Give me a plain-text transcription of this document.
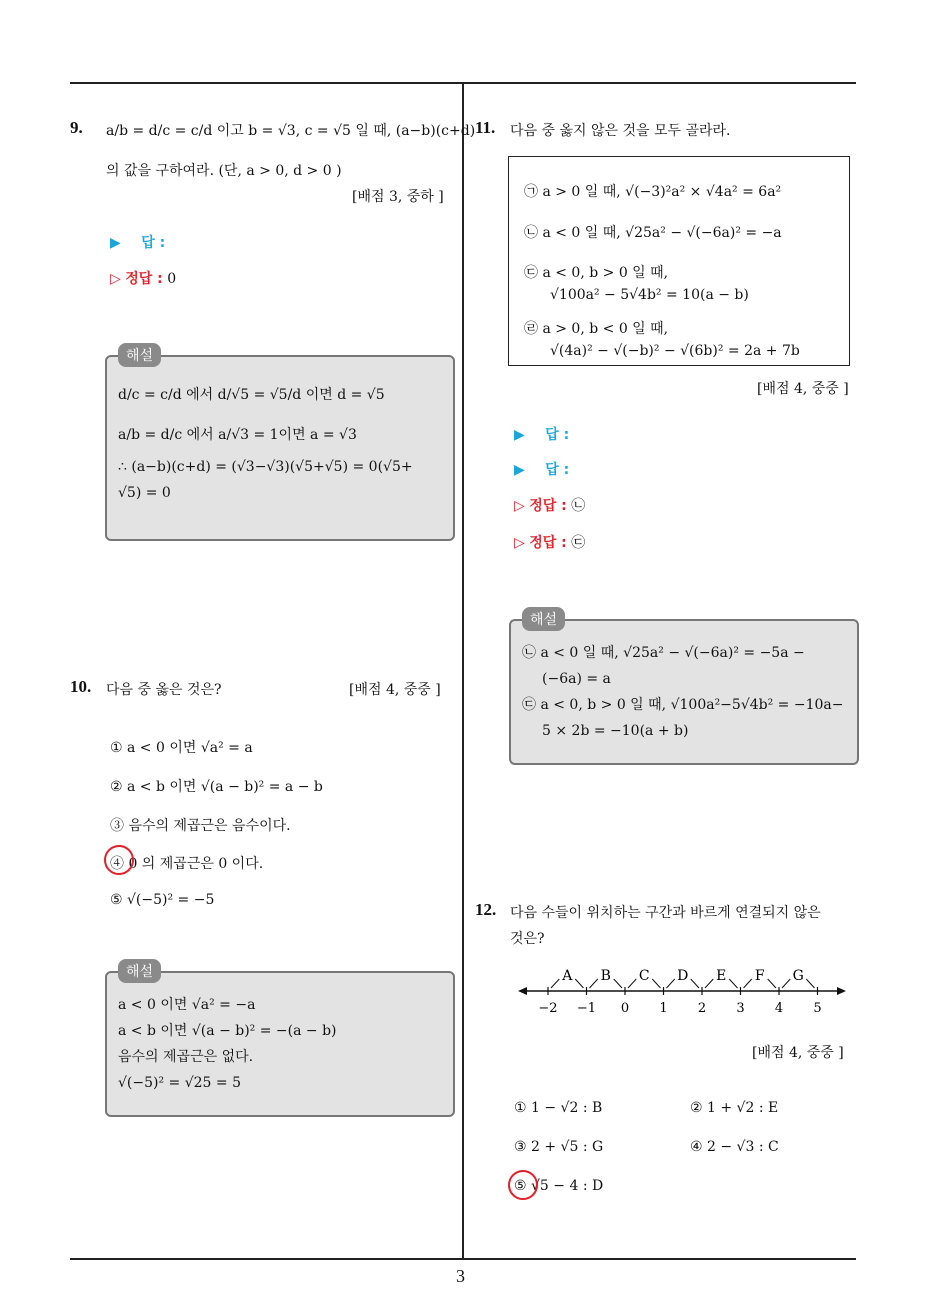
9. a/b = d/c = c/d 이고 b = √3, c = √5 일 때, (a−b)(c+d)
의 값을 구하여라. (단, a > 0, d > 0 )
[배점 3, 중하 ]
▶ 답 :
▷ 정답 : 0
해설
d/c = c/d 에서 d/√5 = √5/d 이면 d = √5
a/b = d/c 에서 a/√3 = 1이면 a = √3
∴ (a−b)(c+d) = (√3−√3)(√5+√5) = 0(√5+
√5) = 0
10. 다음 중 옳은 것은?	[배점 4, 중중 ]
① a < 0 이면 √a² = a
② a < b 이면 √(a − b)² = a − b
③ 음수의 제곱근은 음수이다.
④ 0 의 제곱근은 0 이다.
⑤ √(−5)² = −5
해설
a < 0 이면 √a² = −a
a < b 이면 √(a − b)² = −(a − b)
음수의 제곱근은 없다.
√(−5)² = √25 = 5
11. 다음 중 옳지 않은 것을 모두 골라라.
㉠ a > 0 일 때, √(−3)²a² × √4a² = 6a²
㉡ a < 0 일 때, √25a² − √(−6a)² = −a
㉢ a < 0, b > 0 일 때,
√100a² − 5√4b² = 10(a − b)
㉣ a > 0, b < 0 일 때,
√(4a)² − √(−b)² − √(6b)² = 2a + 7b
[배점 4, 중중 ]
▶ 답 :
▶ 답 :
▷ 정답 : ㉡
▷ 정답 : ㉢
해설
㉡ a < 0 일 때, √25a² − √(−6a)² = −5a −
(−6a) = a
㉢ a < 0, b > 0 일 때, √100a²−5√4b² = −10a−
5 × 2b = −10(a + b)
12. 다음 수들이 위치하는 구간과 바르게 연결되지 않은
것은?
−2 −1 0 1 2 3 4 5
A B C D E F G
[배점 4, 중중 ]
① 1 − √2 : B	② 1 + √2 : E
③ 2 + √5 : G	④ 2 − √3 : C
⑤ √5 − 4 : D
3
